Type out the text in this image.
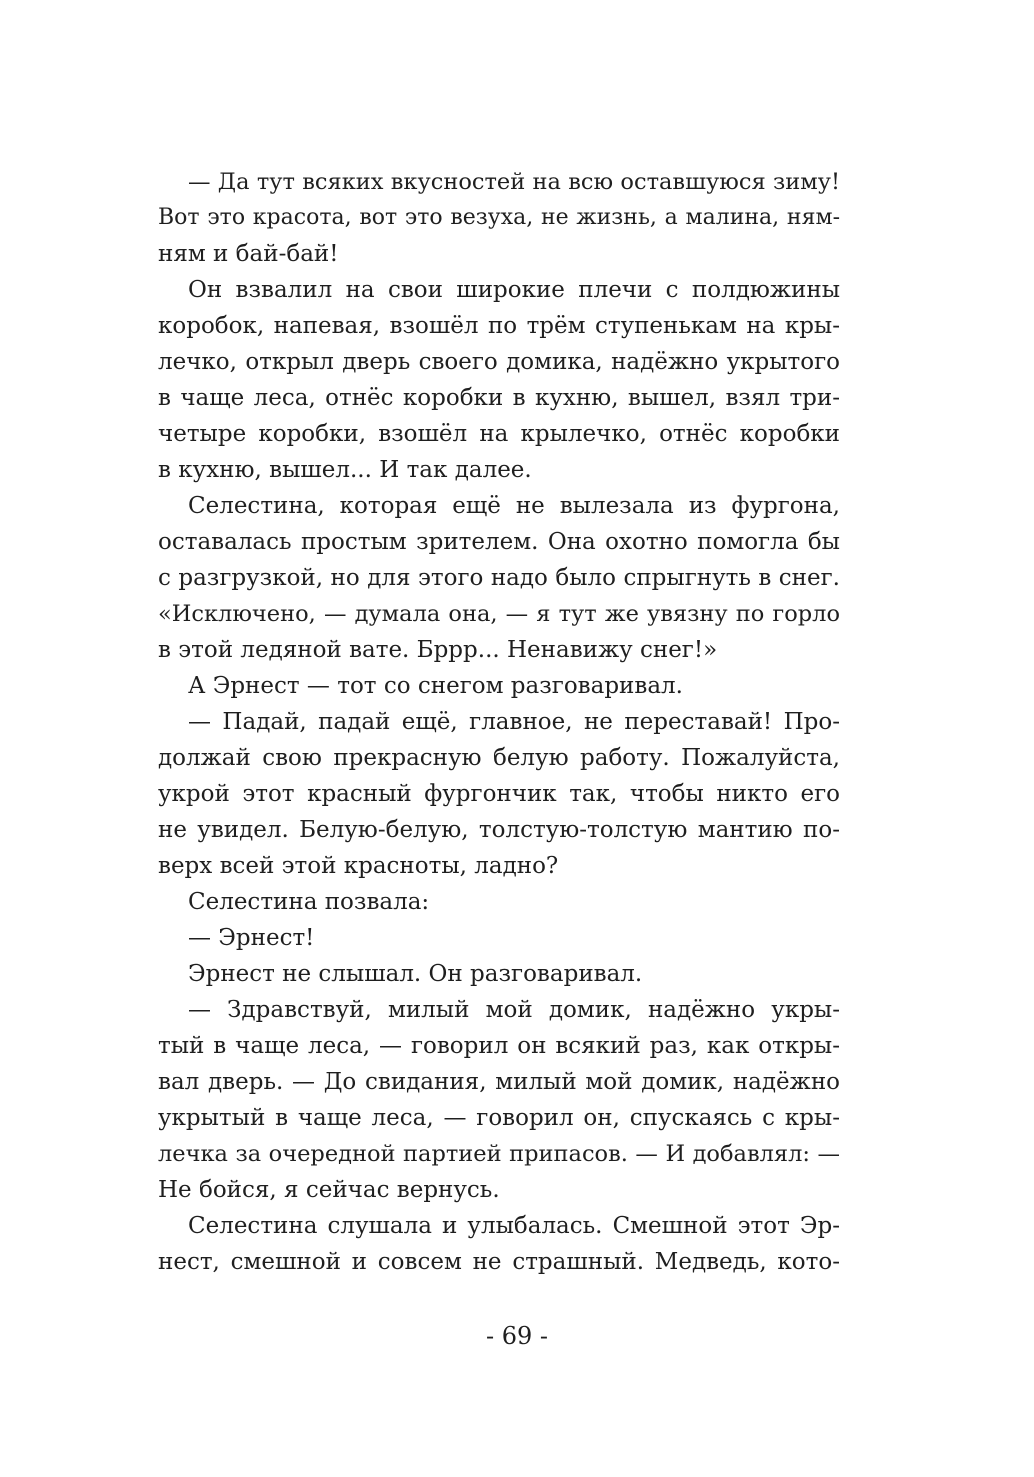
— Да тут всяких вкусностей на всю оставшуюся зиму!

Вот это красота, вот это везуха, не жизнь, а малина, ням-

ням и бай-бай!

Он взвалил на свои широкие плечи с полдюжины

коробок, напевая, взошёл по трём ступенькам на кры-

лечко, открыл дверь своего домика, надёжно укрытого

в чаще леса, отнёс коробки в кухню, вышел, взял три-

четыре коробки, взошёл на крылечко, отнёс коробки

в кухню, вышел... И так далее.

Селестина, которая ещё не вылезала из фургона,

оставалась простым зрителем. Она охотно помогла бы

с разгрузкой, но для этого надо было спрыгнуть в снег.

«Исключено, — думала она, — я тут же увязну по горло

в этой ледяной вате. Бррр... Ненавижу снег!»

А Эрнест — тот со снегом разговаривал.

— Падай, падай ещё, главное, не переставай! Про-

должай свою прекрасную белую работу. Пожалуйста,

укрой этот красный фургончик так, чтобы никто его

не увидел. Белую-белую, толстую-толстую мантию по-

верх всей этой красноты, ладно?

Селестина позвала:

— Эрнест!

Эрнест не слышал. Он разговаривал.

— Здравствуй, милый мой домик, надёжно укры-

тый в чаще леса, — говорил он всякий раз, как откры-

вал дверь. — До свидания, милый мой домик, надёжно

укрытый в чаще леса, — говорил он, спускаясь с кры-

лечка за очередной партией припасов. — И добавлял: —

Не бойся, я сейчас вернусь.

Селестина слушала и улыбалась. Смешной этот Эр-

нест, смешной и совсем не страшный. Медведь, кото-

- 69 -
